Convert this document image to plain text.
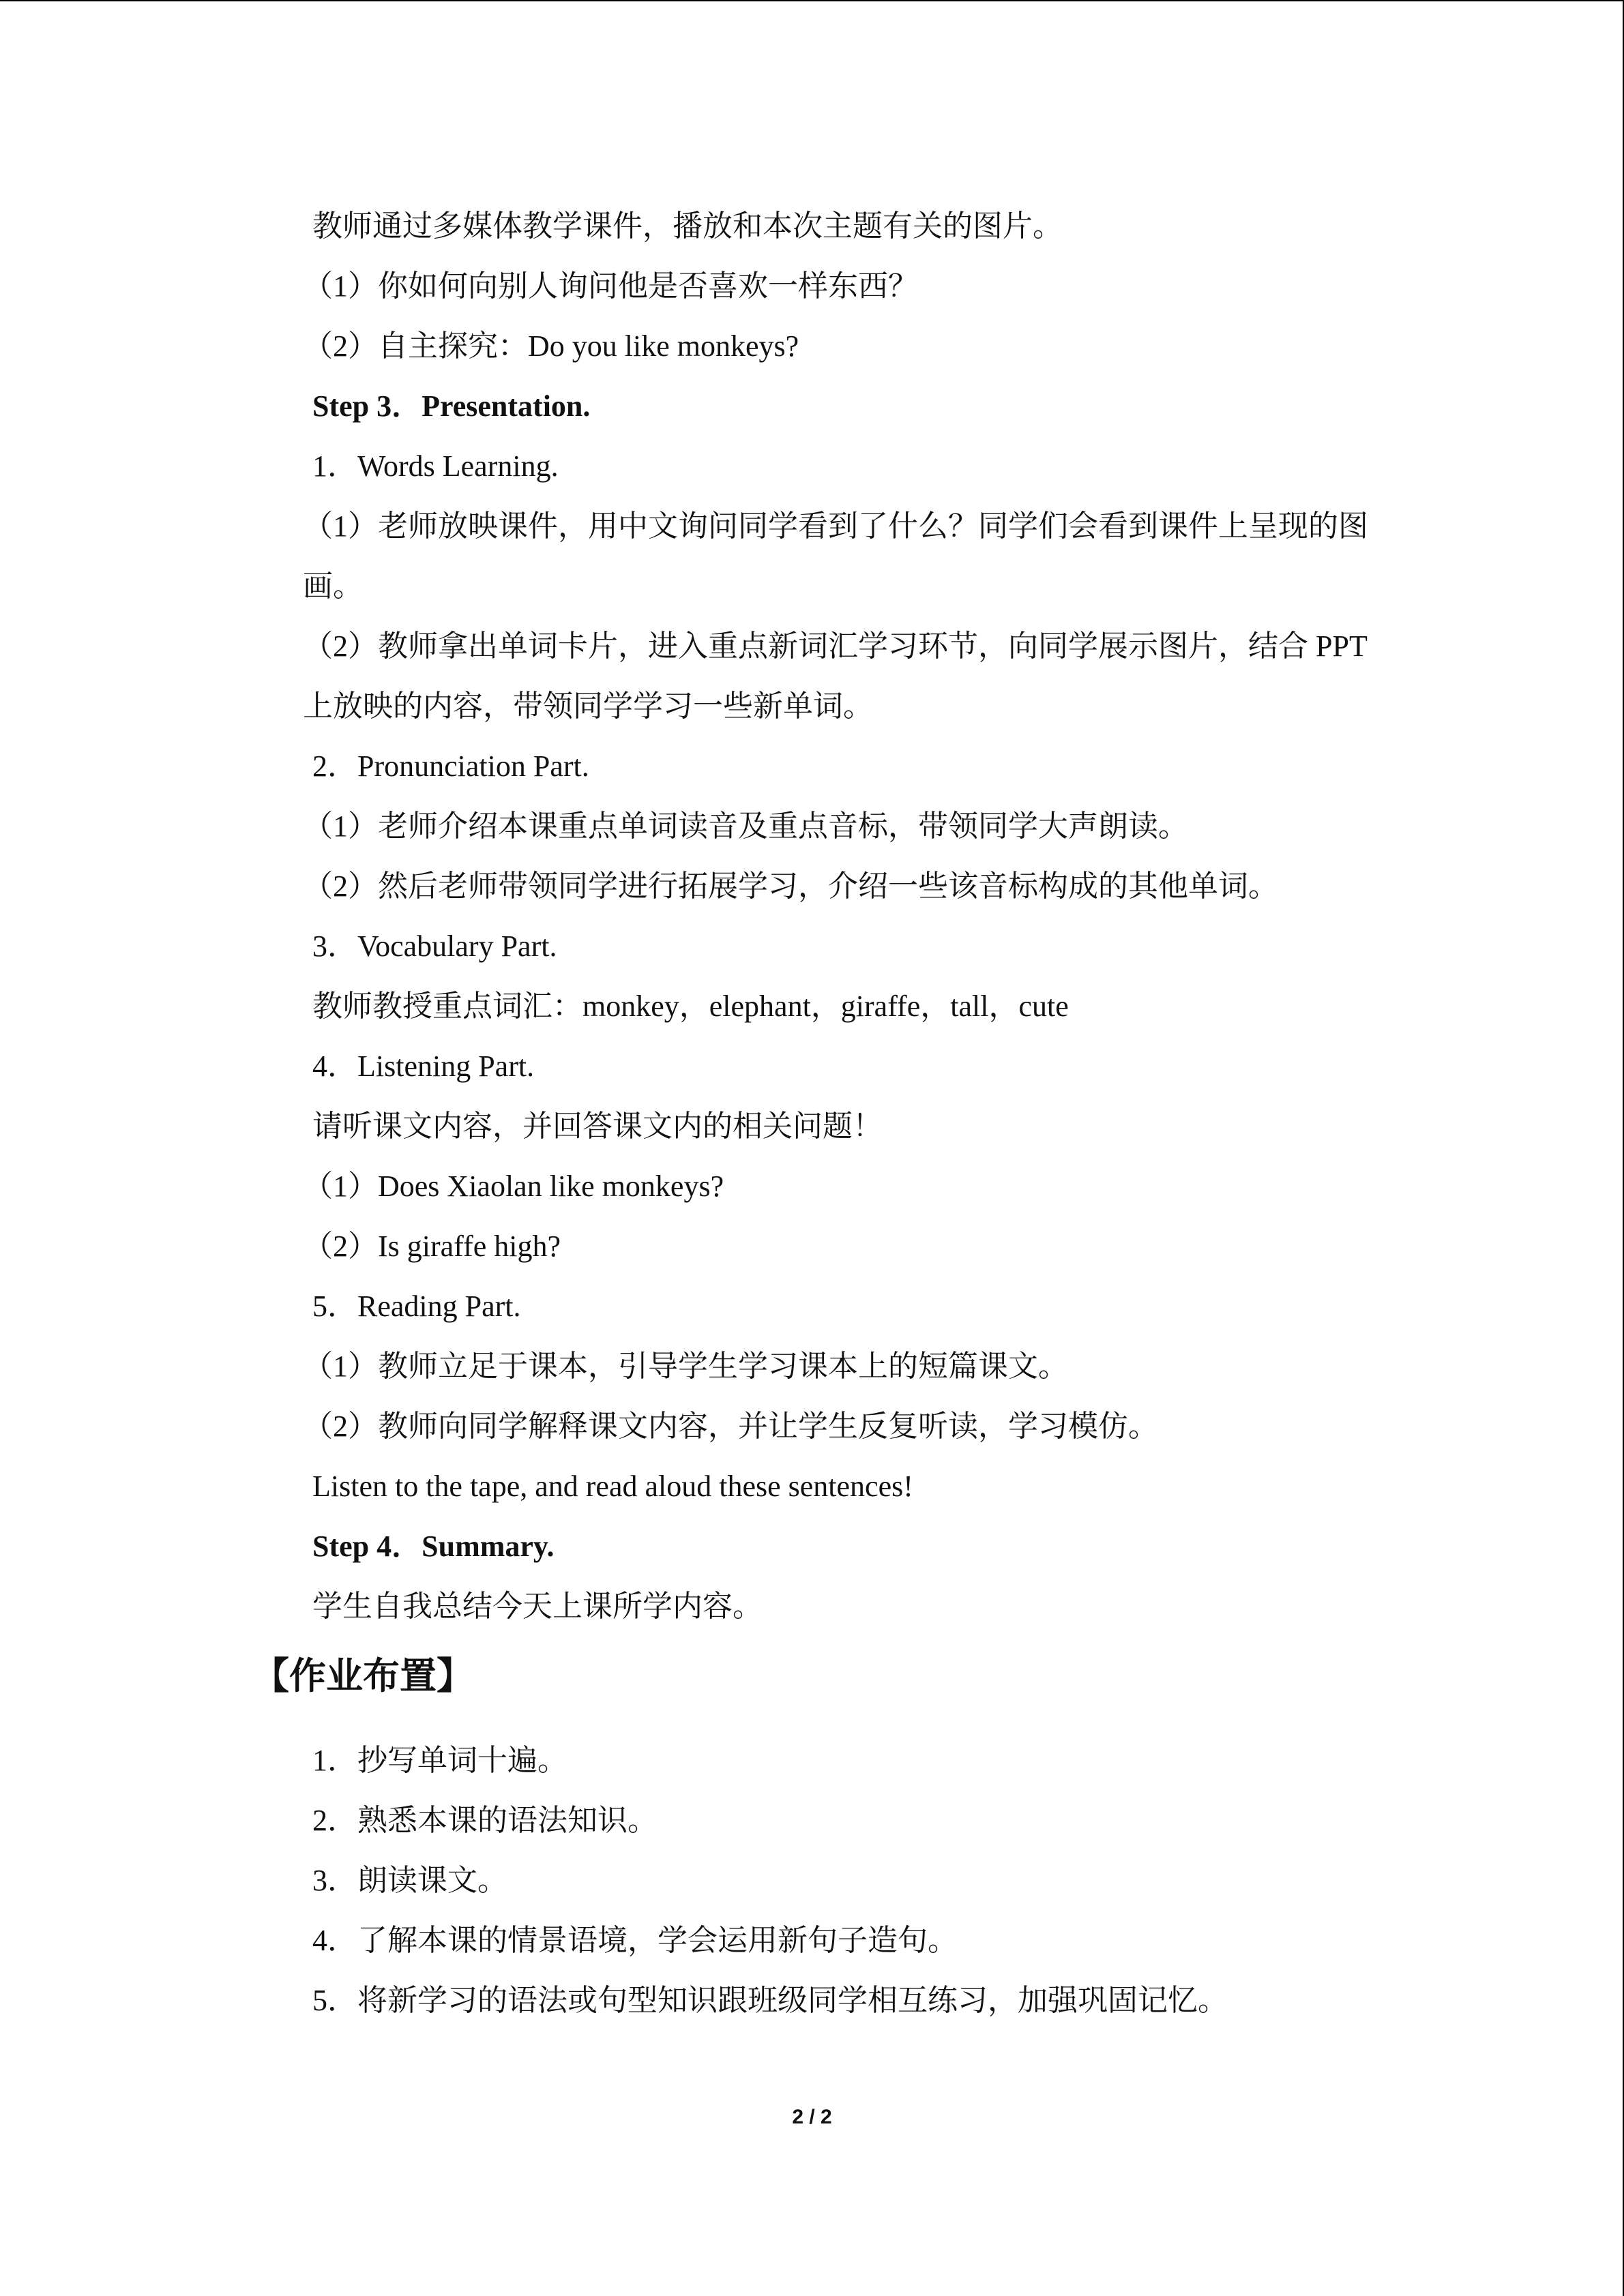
教师通过多媒体教学课件，播放和本次主题有关的图片。
（1）你如何向别人询问他是否喜欢一样东西？
（2）自主探究：Do you like monkeys?
Step 3．Presentation.
1．Words Learning.
（1）老师放映课件，用中文询问同学看到了什么？同学们会看到课件上呈现的图画。
（2）教师拿出单词卡片，进入重点新词汇学习环节，向同学展示图片，结合 PPT 上放映的内容，带领同学学习一些新单词。
2．Pronunciation Part.
（1）老师介绍本课重点单词读音及重点音标，带领同学大声朗读。
（2）然后老师带领同学进行拓展学习，介绍一些该音标构成的其他单词。
3．Vocabulary Part.
教师教授重点词汇：monkey，elephant，giraffe，tall，cute
4．Listening Part.
请听课文内容，并回答课文内的相关问题！
（1）Does Xiaolan like monkeys?
（2）Is giraffe high?
5．Reading Part.
（1）教师立足于课本，引导学生学习课本上的短篇课文。
（2）教师向同学解释课文内容，并让学生反复听读，学习模仿。
Listen to the tape, and read aloud these sentences!
Step 4．Summary.
学生自我总结今天上课所学内容。
【作业布置】
1．抄写单词十遍。
2．熟悉本课的语法知识。
3．朗读课文。
4．了解本课的情景语境，学会运用新句子造句。
5．将新学习的语法或句型知识跟班级同学相互练习，加强巩固记忆。
2 / 2
